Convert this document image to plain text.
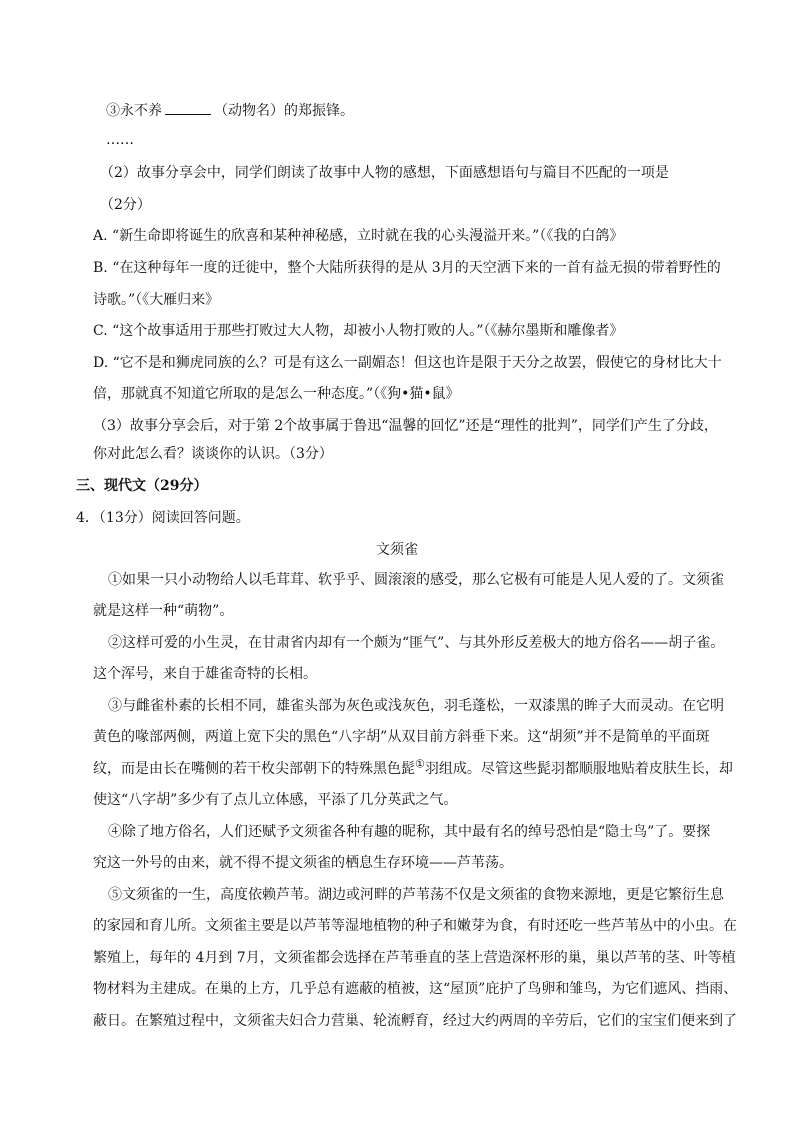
③永不养	（动物名）的郑振锋。
……
（2）故事分享会中，同学们朗读了故事中人物的感想，下面感想语句与篇目不匹配的一项是
（2分）
A. “新生命即将诞生的欣喜和某种神秘感，立时就在我的心头漫溢开来。”（《我的白鸽》
B. “在这种每年一度的迁徙中，整个大陆所获得的是从 3月的天空洒下来的一首有益无损的带着野性的
诗歌。”（《大雁归来》
C. “这个故事适用于那些打败过大人物，却被小人物打败的人。”（《赫尔墨斯和雕像者》
D. “它不是和狮虎同族的么？可是有这么一副媚态！但这也许是限于天分之故罢，假使它的身材比大十
倍，那就真不知道它所取的是怎么一种态度。”（《狗•猫•鼠》
（3）故事分享会后，对于第 2个故事属于鲁迅“温馨的回忆”还是“理性的批判”，同学们产生了分歧，
你对此怎么看？谈谈你的认识。（3分）
三、现代文（29分）
4．（13分）阅读回答问题。
文须雀
①如果一只小动物给人以毛茸茸、软乎乎、圆滚滚的感受，那么它极有可能是人见人爱的了。文须雀
就是这样一种“萌物”。
②这样可爱的小生灵，在甘肃省内却有一个颇为“匪气”、与其外形反差极大的地方俗名——胡子雀。
这个浑号，来自于雄雀奇特的长相。
③与雌雀朴素的长相不同，雄雀头部为灰色或浅灰色，羽毛蓬松，一双漆黑的眸子大而灵动。在它明
黄色的喙部两侧，两道上宽下尖的黑色“八字胡”从双目前方斜垂下来。这“胡须”并不是简单的平面斑
纹，而是由长在嘴侧的若干枚尖部朝下的特殊黑色髭①羽组成。尽管这些髭羽都顺服地贴着皮肤生长，却
使这“八字胡”多少有了点儿立体感，平添了几分英武之气。
④除了地方俗名，人们还赋予文须雀各种有趣的昵称，其中最有名的绰号恐怕是“隐士鸟”了。要探
究这一外号的由来，就不得不提文须雀的栖息生存环境——芦苇荡。
⑤文须雀的一生，高度依赖芦苇。湖边或河畔的芦苇荡不仅是文须雀的食物来源地，更是它繁衍生息
的家园和育儿所。文须雀主要是以芦苇等湿地植物的种子和嫩芽为食，有时还吃一些芦苇丛中的小虫。在
繁殖上，每年的 4月到 7月，文须雀都会选择在芦苇垂直的茎上营造深杯形的巢，巢以芦苇的茎、叶等植
物材料为主建成。在巢的上方，几乎总有遮蔽的植被，这“屋顶”庇护了鸟卵和雏鸟，为它们遮风、挡雨、
蔽日。在繁殖过程中，文须雀夫妇合力营巢、轮流孵育，经过大约两周的辛劳后，它们的宝宝们便来到了
